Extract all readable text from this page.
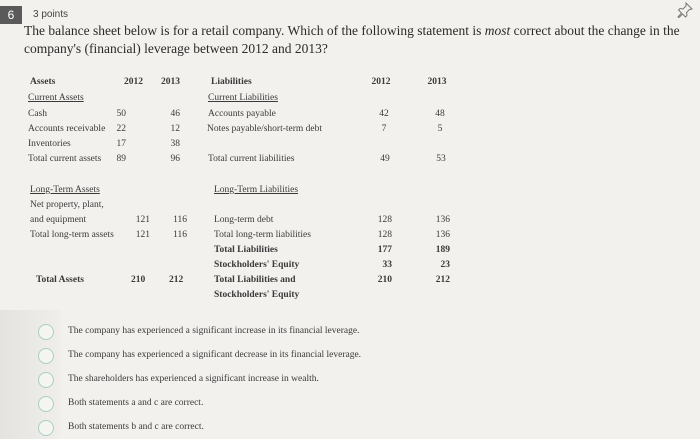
6	3 points
The balance sheet below is for a retail company. Which of the following statement is most correct about the change in the company's (financial) leverage between 2012 and 2013?
Assets	2012 2013
Current Assets
Cash	50	46
Accounts receivable	22	12
Inventories	17	38
Total current assets	89	96
Long-Term Assets
Net property, plant,
and equipment	121	116
Total long-term assets	121	116
Total Assets	210	212
Liabilities	2012	2013
Current Liabilities
Accounts payable	42	48
Notes payable/short-term debt	7	5
Total current liabilities	49	53
Long-Term Liabilities
Long-term debt	128	136
Total long-term liabilities	128	136
Total Liabilities	177	189
Stockholders' Equity	33	23
Total Liabilities and	210	212
Stockholders' Equity
The company has experienced a significant increase in its financial leverage.
The company has experienced a significant decrease in its financial leverage.
The shareholders has experienced a significant increase in wealth.
Both statements a and c are correct.
Both statements b and c are correct.
